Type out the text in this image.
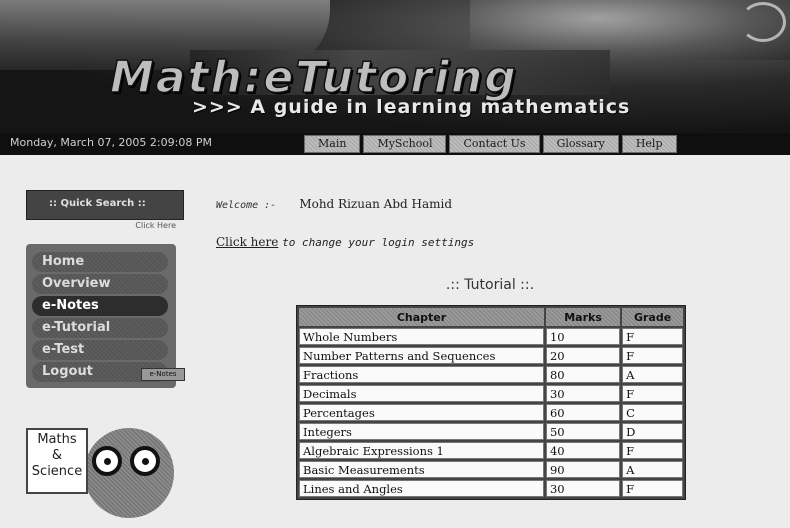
Math:eTutoring
>>> A guide in learning mathematics
Monday, March 07, 2005 2:09:08 PM	Main	MySchool	Contact Us	Glossary	Help
:: Quick Search ::
Click Here
Home
Overview
e-Notes
e-Tutorial
e-Test
Logout	e-Notes
Maths
&
Science
Welcome :- Mohd Rizuan Abd Hamid
Click here to change your login settings
.:: Tutorial ::.
Chapter	Marks	Grade
Whole Numbers	10	F
Number Patterns and Sequences	20	F
Fractions	80	A
Decimals	30	F
Percentages	60	C
Integers	50	D
Algebraic Expressions 1	40	F
Basic Measurements	90	A
Lines and Angles	30	F
